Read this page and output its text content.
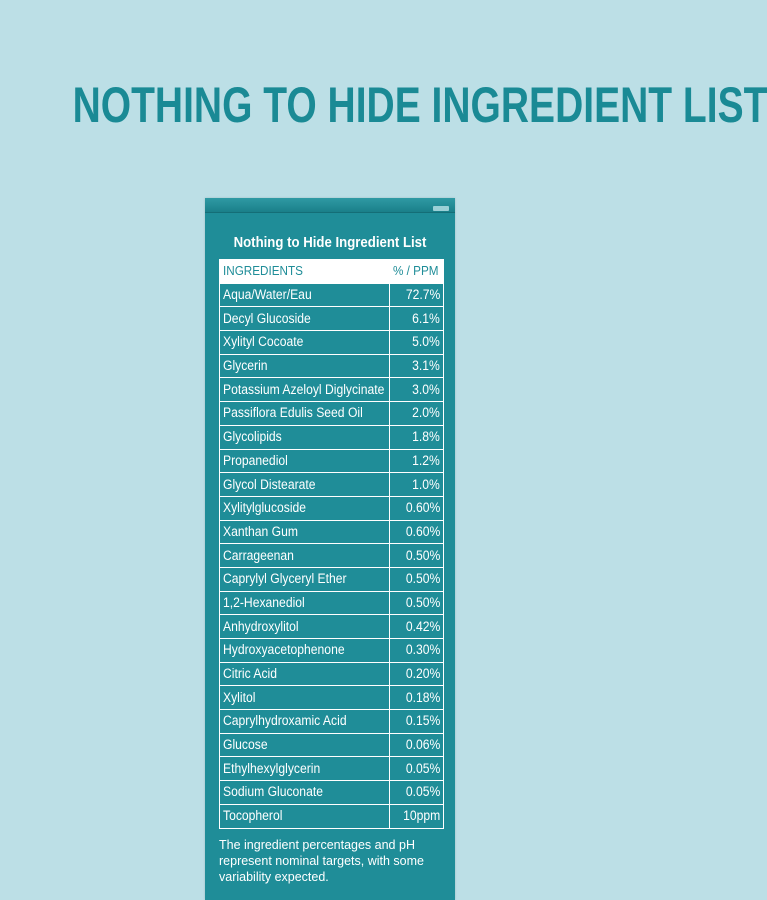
NOTHING TO HIDE INGREDIENT LIST
Nothing to Hide Ingredient List
INGREDIENTS	% / PPM
Aqua/Water/Eau	72.7%
Decyl Glucoside	6.1%
Xylityl Cocoate	5.0%
Glycerin	3.1%
Potassium Azeloyl Diglycinate	3.0%
Passiflora Edulis Seed Oil	2.0%
Glycolipids	1.8%
Propanediol	1.2%
Glycol Distearate	1.0%
Xylitylglucoside	0.60%
Xanthan Gum	0.60%
Carrageenan	0.50%
Caprylyl Glyceryl Ether	0.50%
1,2-Hexanediol	0.50%
Anhydroxylitol	0.42%
Hydroxyacetophenone	0.30%
Citric Acid	0.20%
Xylitol	0.18%
Caprylhydroxamic Acid	0.15%
Glucose	0.06%
Ethylhexylglycerin	0.05%
Sodium Gluconate	0.05%
Tocopherol	10ppm
The ingredient percentages and pH represent nominal targets, with some variability expected.
